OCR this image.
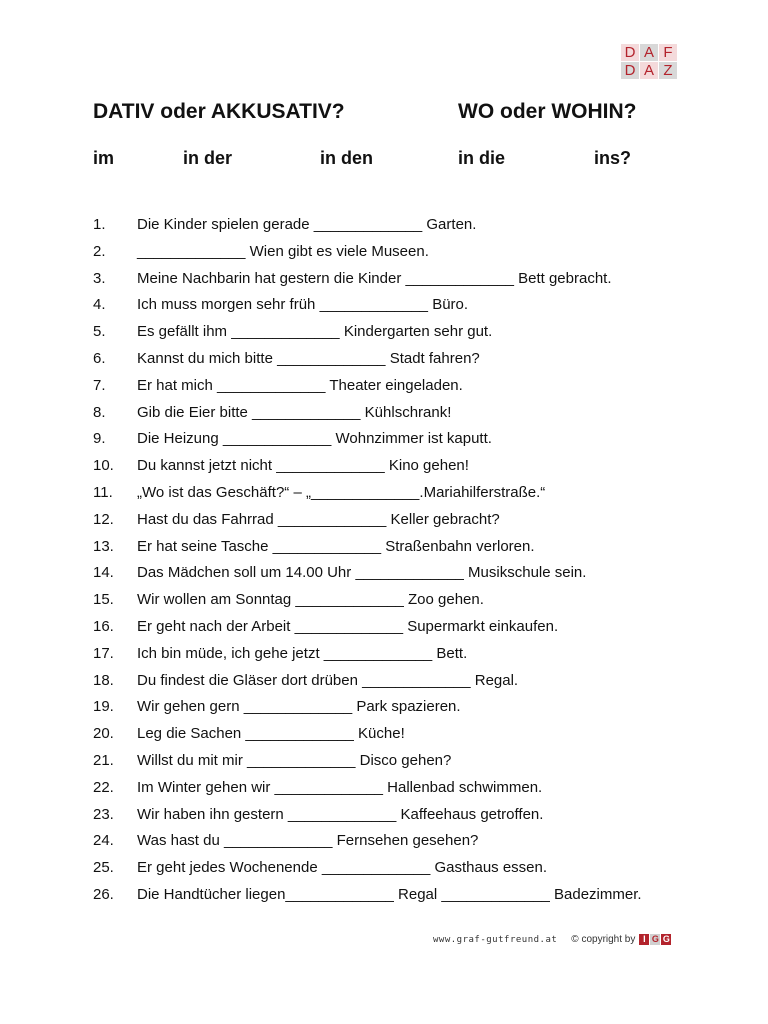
D A F
D A Z
DATIV oder AKKUSATIV?	WO oder WOHIN?
im	in der	in den	in die	ins?
1.	Die Kinder spielen gerade _____________ Garten.
2.	_____________ Wien gibt es viele Museen.
3.	Meine Nachbarin hat gestern die Kinder _____________ Bett gebracht.
4.	Ich muss morgen sehr früh _____________ Büro.
5.	Es gefällt ihm _____________ Kindergarten sehr gut.
6.	Kannst du mich bitte _____________ Stadt fahren?
7.	Er hat mich _____________ Theater eingeladen.
8.	Gib die Eier bitte _____________ Kühlschrank!
9.	Die Heizung _____________ Wohnzimmer ist kaputt.
10.	Du kannst jetzt nicht _____________ Kino gehen!
11.	„Wo ist das Geschäft?“ – „_____________.Mariahilferstraße.“
12.	Hast du das Fahrrad _____________ Keller gebracht?
13.	Er hat seine Tasche _____________ Straßenbahn verloren.
14.	Das Mädchen soll um 14.00 Uhr _____________ Musikschule sein.
15.	Wir wollen am Sonntag _____________ Zoo gehen.
16.	Er geht nach der Arbeit _____________ Supermarkt einkaufen.
17.	Ich bin müde, ich gehe jetzt _____________ Bett.
18.	Du findest die Gläser dort drüben _____________ Regal.
19.	Wir gehen gern _____________ Park spazieren.
20.	Leg die Sachen _____________ Küche!
21.	Willst du mit mir _____________ Disco gehen?
22.	Im Winter gehen wir _____________ Hallenbad schwimmen.
23.	Wir haben ihn gestern _____________ Kaffeehaus getroffen.
24.	Was hast du _____________ Fernsehen gesehen?
25.	Er geht jedes Wochenende _____________ Gasthaus essen.
26.	Die Handtücher liegen_____________ Regal _____________ Badezimmer.
www.graf-gutfreund.at © copyright by I G G
